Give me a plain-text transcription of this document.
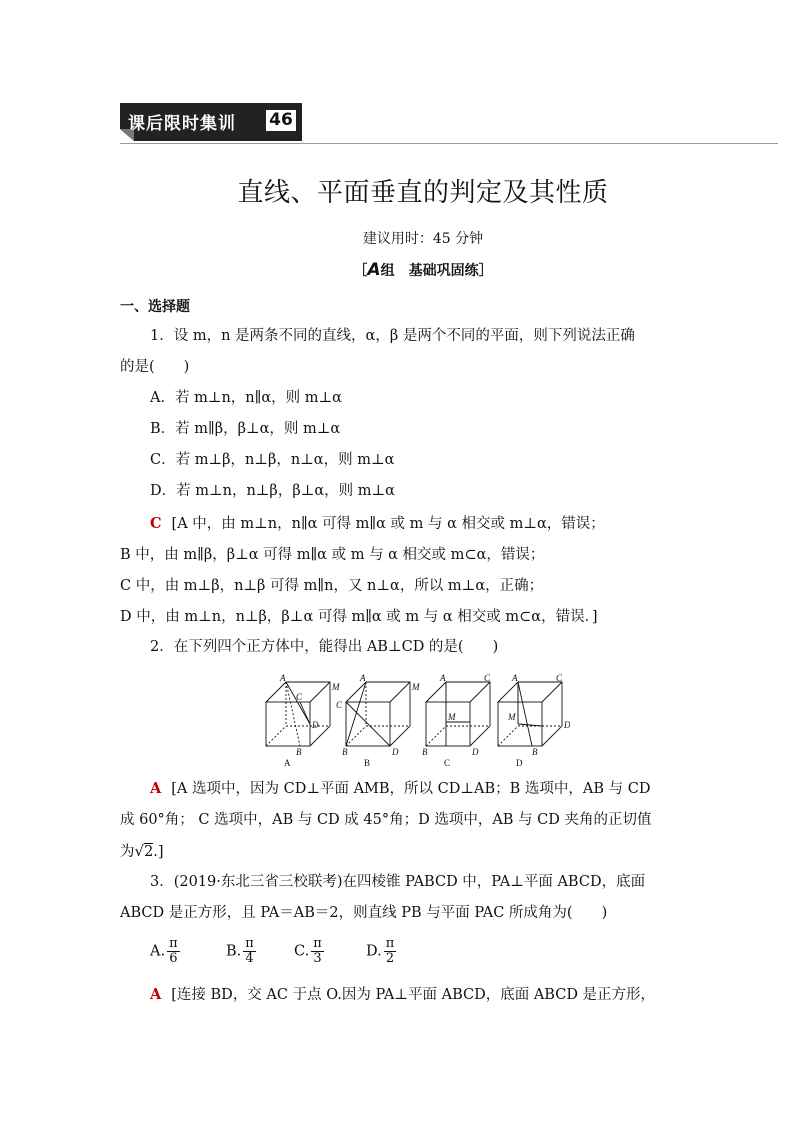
课后限时集训 46
直线、平面垂直的判定及其性质
建议用时：45 分钟
［A组　基础巩固练］
一、选择题
1．设 m，n 是两条不同的直线，α，β 是两个不同的平面，则下列说法正确
的是(　　)
A．若 m⊥n，n∥α，则 m⊥α
B．若 m∥β，β⊥α，则 m⊥α
C．若 m⊥β，n⊥β，n⊥α，则 m⊥α
D．若 m⊥n，n⊥β，β⊥α，则 m⊥α
C [A 中，由 m⊥n，n∥α 可得 m∥α 或 m 与 α 相交或 m⊥α，错误；
B 中，由 m∥β，β⊥α 可得 m∥α 或 m 与 α 相交或 m⊂α，错误；
C 中，由 m⊥β，n⊥β 可得 m∥n，又 n⊥α，所以 m⊥α，正确；
D 中，由 m⊥n，n⊥β，β⊥α 可得 m∥α 或 m 与 α 相交或 m⊂α，错误．]
2．在下列四个正方体中，能得出 AB⊥CD 的是(　　)
A
C
M
D
B
A
C
M
D
B
A	C
M
D
B
A	C
M
D
B
A	B	C	D
A [A 选项中，因为 CD⊥平面 AMB，所以 CD⊥AB；B 选项中，AB 与 CD
成 60°角； C 选项中，AB 与 CD 成 45°角；D 选项中，AB 与 CD 夹角的正切值
为√2.]
3．(2019·东北三省三校联考)在四棱锥 PABCD 中，PA⊥平面 ABCD，底面
ABCD 是正方形，且 PA＝AB＝2，则直线 PB 与平面 PAC 所成角为(　　)
A. $\frac{\pi}{6}$	B. $\frac{\pi}{4}$	C. $\frac{\pi}{3}$	D. $\frac{\pi}{2}$
A [连接 BD，交 AC 于点 O.因为 PA⊥平面 ABCD，底面 ABCD 是正方形，
